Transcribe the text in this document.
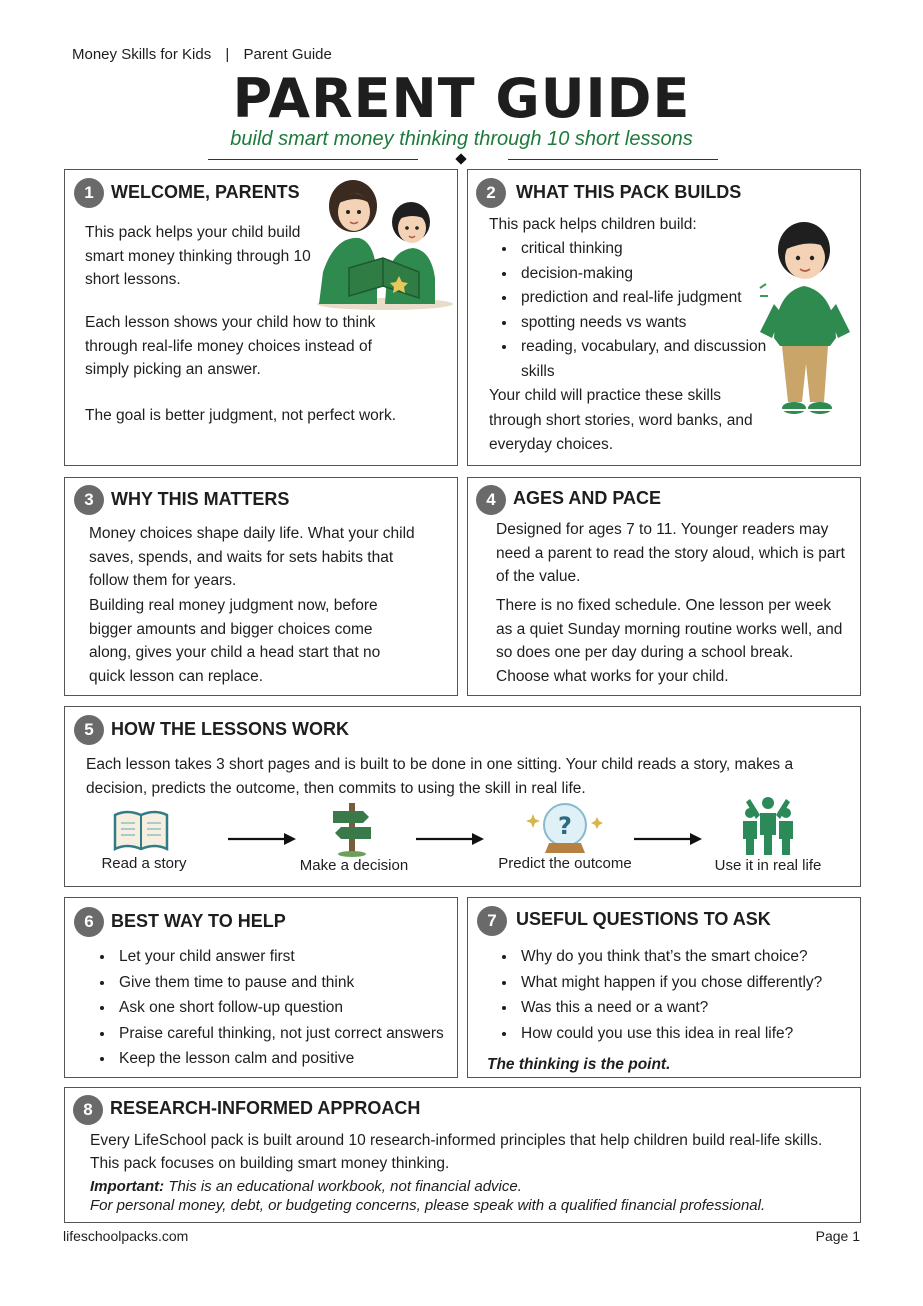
Money Skills for Kids | Parent Guide
PARENT GUIDE
build smart money thinking through 10 short lessons
1 WELCOME, PARENTS

This pack helps your child build smart money thinking through 10 short lessons.

Each lesson shows your child how to think through real-life money choices instead of simply picking an answer.

The goal is better judgment, not perfect work.

2	WHAT THIS PACK BUILDS

This pack helps children build:

• critical thinking
• decision-making
• prediction and real-life judgment
• spotting needs vs wants
• reading, vocabulary, and discussion skills

Your child will practice these skills through short stories, word banks, and everyday choices.

3 WHY THIS MATTERS

Money choices shape daily life. What your child saves, spends, and waits for sets habits that follow them for years.

Building real money judgment now, before bigger amounts and bigger choices come along, gives your child a head start that no quick lesson can replace.

4 AGES AND PACE

Designed for ages 7 to 11. Younger readers may need a parent to read the story aloud, which is part of the value.

There is no fixed schedule. One lesson per week as a quiet Sunday morning routine works well, and so does one per day during a school break. Choose what works for your child.

5 HOW THE LESSONS WORK

Each lesson takes 3 short pages and is built to be done in one sitting. Your child reads a story, makes a decision, predicts the outcome, then commits to using the skill in real life.

Read a story	Make a decision
?
Predict the outcome	Use it in real life
6 BEST WAY TO HELP
• Let your child answer first
• Give them time to pause and think
• Ask one short follow-up question
• Praise careful thinking, not just correct answers
• Keep the lesson calm and positive
7	USEFUL QUESTIONS TO ASK
• Why do you think that’s the smart choice?
• What might happen if you chose differently?
• Was this a need or a want?
• How could you use this idea in real life?
The thinking is the point.
8 RESEARCH-INFORMED APPROACH

Every LifeSchool pack is built around 10 research-informed principles that help children build real-life skills.

This pack focuses on building smart money thinking.

Important: This is an educational workbook, not financial advice.

For personal money, debt, or budgeting concerns, please speak with a qualified financial professional.

lifeschoolpacks.com	Page 1
